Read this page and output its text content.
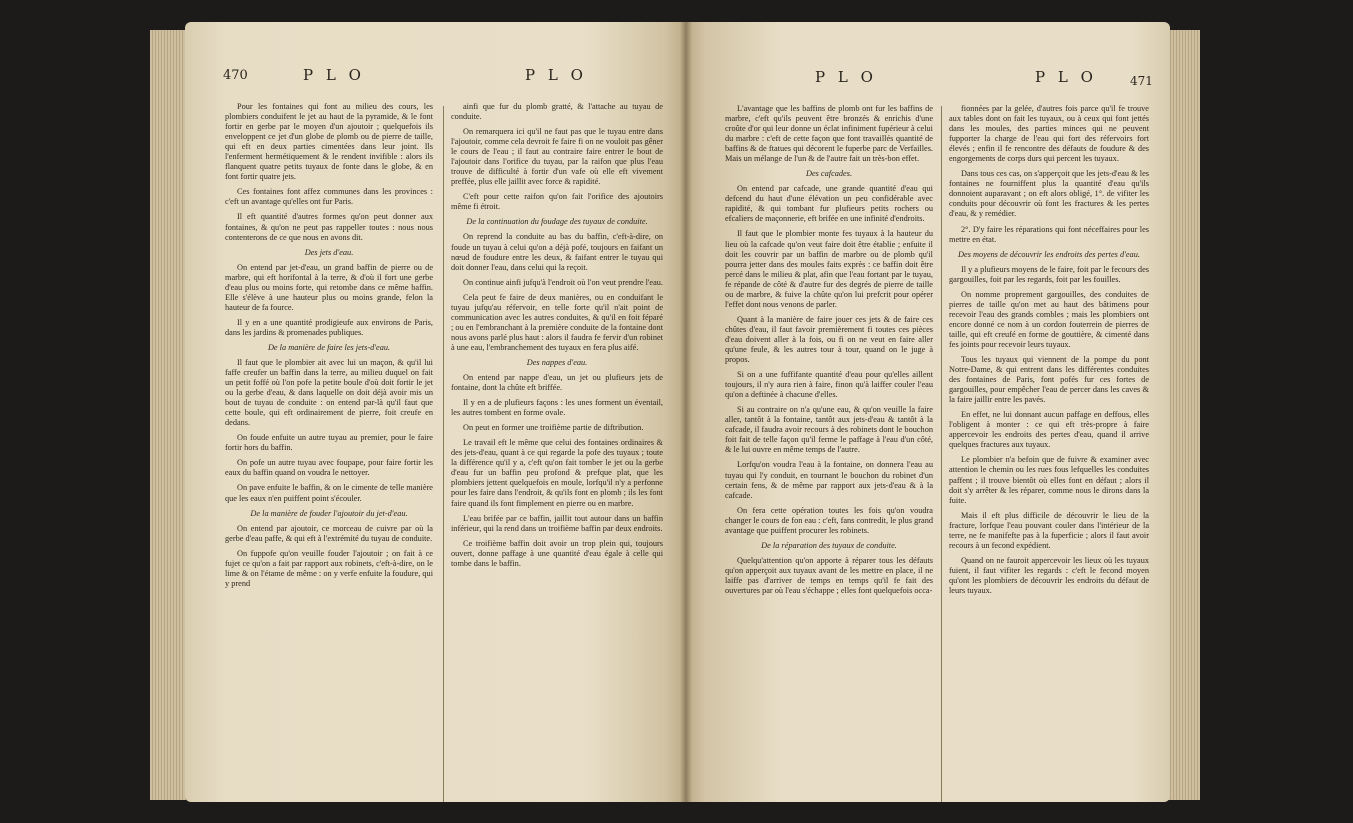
470	P L O	P L O

Pour les fontaines qui font au milieu des cours, les plombiers conduifent le jet au haut de la pyramide, & le font fortir en gerbe par le moyen d'un ajoutoir ; quelquefois ils enveloppent ce jet d'un globe de plomb ou de pierre de taille, qui eft en deux parties cimentées dans leur joint. Ils l'enferment hermétiquement & le rendent invifible : alors ils flanquent quatre petits tuyaux de fonte dans le globe, & en font fortir quatre jets.

Ces fontaines font affez communes dans les provinces : c'eft un avantage qu'elles ont fur Paris.

Il eft quantité d'autres formes qu'on peut donner aux fontaines, & qu'on ne peut pas rappeller toutes : nous nous contenterons de ce que nous en avons dit.

Des jets d'eau.

On entend par jet-d'eau, un grand baffin de pierre ou de marbre, qui eft horifontal à la terre, & d'où il fort une gerbe d'eau plus ou moins forte, qui retombe dans ce même baffin. Elle s'élève à une hauteur plus ou moins grande, felon la hauteur de fa fource.

Il y en a une quantité prodigieufe aux environs de Paris, dans les jardins & promenades publiques.

De la manière de faire les jets-d'eau.

Il faut que le plombier ait avec lui un maçon, & qu'il lui faffe creufer un baffin dans la terre, au milieu duquel on fait un petit foffé où l'on pofe la petite boule d'où doit fortir le jet ou la gerbe d'eau, & dans laquelle on doit déjà avoir mis un bout de tuyau de conduite : on entend par-là qu'il faut que cette boule, qui eft ordinairement de pierre, foit creufe en dedans.

On foude enfuite un autre tuyau au premier, pour le faire fortir hors du baffin.

On pofe un autre tuyau avec foupape, pour faire fortir les eaux du baffin quand on voudra le nettoyer.

On pave enfuite le baffin, & on le cimente de telle manière que les eaux n'en puiffent point s'écouler.

De la manière de fouder l'ajoutoir du jet-d'eau.

On entend par ajoutoir, ce morceau de cuivre par où la gerbe d'eau paffe, & qui eft à l'extrémité du tuyau de conduite.

On fuppofe qu'on veuille fouder l'ajoutoir ; on fait à ce fujet ce qu'on a fait par rapport aux robinets, c'eft-à-dire, on le lime & on l'étame de même : on y verfe enfuite la foudure, qui y prend

ainfi que fur du plomb gratté, & l'attache au tuyau de conduite.

On remarquera ici qu'il ne faut pas que le tuyau entre dans l'ajoutoir, comme cela devroit fe faire fi on ne vouloit pas gêner le cours de l'eau ; il faut au contraire faire entrer le bout de l'ajoutoir dans l'orifice du tuyau, par la raifon que plus l'eau trouve de difficulté à fortir d'un vafe où elle eft vivement preffée, plus elle jaillit avec force & rapidité.

C'eft pour cette raifon qu'on fait l'orifice des ajoutoirs même fi étroit.

De la continuation du foudage des tuyaux de conduite.

On reprend la conduite au bas du baffin, c'eft-à-dire, on foude un tuyau à celui qu'on a déjà pofé, toujours en faifant un nœud de foudure entre les deux, & faifant entrer le tuyau qui doit donner l'eau, dans celui qui la reçoit.

On continue ainfi jufqu'à l'endroit où l'on veut prendre l'eau.

Cela peut fe faire de deux manières, ou en conduifant le tuyau jufqu'au réfervoir, en telle forte qu'il n'ait point de communication avec les autres conduites, & qu'il en foit féparé ; ou en l'embranchant à la première conduite de la fontaine dont nous avons parlé plus haut : alors il faudra fe fervir d'un robinet à une eau, l'embranchement des tuyaux en fera plus aifé.

Des nappes d'eau.

On entend par nappe d'eau, un jet ou plufieurs jets de fontaine, dont la chûte eft briffée.

Il y en a de plufieurs façons : les unes forment un éventail, les autres tombent en forme ovale.

On peut en former une troifième partie de diftribution.

Le travail eft le même que celui des fontaines ordinaires & des jets-d'eau, quant à ce qui regarde la pofe des tuyaux ; toute la différence qu'il y a, c'eft qu'on fait tomber le jet ou la gerbe d'eau fur un baffin peu profond & prefque plat, que les plombiers jettent quelquefois en moule, lorfqu'il n'y a perfonne pour les faire dans l'endroit, & qu'ils font en plomb ; ils les font faire quand ils font fimplement en pierre ou en marbre.

L'eau brifée par ce baffin, jaillit tout autour dans un baffin inférieur, qui la rend dans un troifième baffin par deux endroits.

Ce troifième baffin doit avoir un trop plein qui, toujours ouvert, donne paffage à une quantité d'eau égale à celle qui tombe dans le baffin.

P L O	P L O	471

L'avantage que les baffins de plomb ont fur les baffins de marbre, c'eft qu'ils peuvent être bronzés & enrichis d'une croûte d'or qui leur donne un éclat infiniment fupérieur à celui du marbre : c'eft de cette façon que font travaillés quantité de baffins & de ftatues qui décorent le fuperbe parc de Verfailles. Mais un mélange de l'un & de l'autre fait un très-bon effet.

Des cafcades.

On entend par cafcade, une grande quantité d'eau qui defcend du haut d'une élévation un peu confidérable avec rapidité, & qui tombant fur plufieurs petits rochers ou efcaliers de maçonnerie, eft brifée en une infinité d'endroits.

Il faut que le plombier monte fes tuyaux à la hauteur du lieu où la cafcade qu'on veut faire doit être établie ; enfuite il doit les couvrir par un baffin de marbre ou de plomb qu'il pourra jetter dans des moules faits exprès : ce baffin doit être percé dans le milieu & plat, afin que l'eau fortant par le tuyau, fe répande de côté & d'autre fur des degrés de pierre de taille ou de marbre, & fuive la chûte qu'on lui prefcrit pour opérer l'effet dont nous venons de parler.

Quant à la manière de faire jouer ces jets & de faire ces chûtes d'eau, il faut favoir premièrement fi toutes ces pièces d'eau doivent aller à la fois, ou fi on ne veut en faire aller qu'une feule, & les autres tour à tour, quand on le juge à propos.

Si on a une fuffifante quantité d'eau pour qu'elles aillent toujours, il n'y aura rien à faire, finon qu'à laiffer couler l'eau qu'on a deftinée à chacune d'elles.

Si au contraire on n'a qu'une eau, & qu'on veuille la faire aller, tantôt à la fontaine, tantôt aux jets-d'eau & tantôt à la cafcade, il faudra avoir recours à des robinets dont le bouchon foit fait de telle façon qu'il ferme le paffage à l'eau d'un côté, & le lui ouvre en même temps de l'autre.

Lorfqu'on voudra l'eau à la fontaine, on donnera l'eau au tuyau qui l'y conduit, en tournant le bouchon du robinet d'un certain fens, & de même par rapport aux jets-d'eau & à la cafcade.

On fera cette opération toutes les fois qu'on voudra changer le cours de fon eau : c'eft, fans contredit, le plus grand avantage que puiffent procurer les robinets.

De la réparation des tuyaux de conduite.

Quelqu'attention qu'on apporte à réparer tous les défauts qu'on apperçoit aux tuyaux avant de les mettre en place, il ne laiffe pas d'arriver de temps en temps qu'il fe fait des ouvertures par où l'eau s'échappe ; elles font quelquefois occa-

fionnées par la gelée, d'autres fois parce qu'il fe trouve aux tables dont on fait les tuyaux, ou à ceux qui font jettés dans les moules, des parties minces qui ne peuvent fupporter la charge de l'eau qui fort des réfervoirs fort élevés ; enfin il fe rencontre des défauts de foudure & des engorgements de corps durs qui percent les tuyaux.

Dans tous ces cas, on s'apperçoit que les jets-d'eau & les fontaines ne fourniffent plus la quantité d'eau qu'ils donnoient auparavant ; on eft alors obligé, 1°. de vifiter les conduits pour découvrir où font les fractures & les pertes d'eau, & y remédier.

2°. D'y faire les réparations qui font néceffaires pour les mettre en état.

Des moyens de découvrir les endroits des pertes d'eau.

Il y a plufieurs moyens de le faire, foit par le fecours des gargouilles, foit par les regards, foit par les fouilles.

On nomme proprement gargouilles, des conduites de pierres de taille qu'on met au haut des bâtimens pour recevoir l'eau des grands combles ; mais les plombiers ont encore donné ce nom à un cordon fouterrein de pierres de taille, qui eft creufé en forme de gouttière, & cimenté dans fes joints pour recevoir leurs tuyaux.

Tous les tuyaux qui viennent de la pompe du pont Notre-Dame, & qui entrent dans les différentes conduites des fontaines de Paris, font pofés fur ces fortes de gargouilles, pour empêcher l'eau de percer dans les caves & la faire jaillir entre les pavés.

En effet, ne lui donnant aucun paffage en deffous, elles l'obligent à monter : ce qui eft très-propre à faire appercevoir les endroits des pertes d'eau, quand il arrive quelques fractures aux tuyaux.

Le plombier n'a befoin que de fuivre & examiner avec attention le chemin ou les rues fous lefquelles les conduites paffent ; il trouve bientôt où elles font en défaut ; alors il doit s'y arrêter & les réparer, comme nous le dirons dans la fuite.

Mais il eft plus difficile de découvrir le lieu de la fracture, lorfque l'eau pouvant couler dans l'intérieur de la terre, ne fe manifefte pas à la fuperficie ; alors il faut avoir recours à un fecond expédient.

Quand on ne fauroit appercevoir les lieux où les tuyaux fuient, il faut vifiter les regards : c'eft le fecond moyen qu'ont les plombiers de découvrir les endroits du défaut de leurs tuyaux.
